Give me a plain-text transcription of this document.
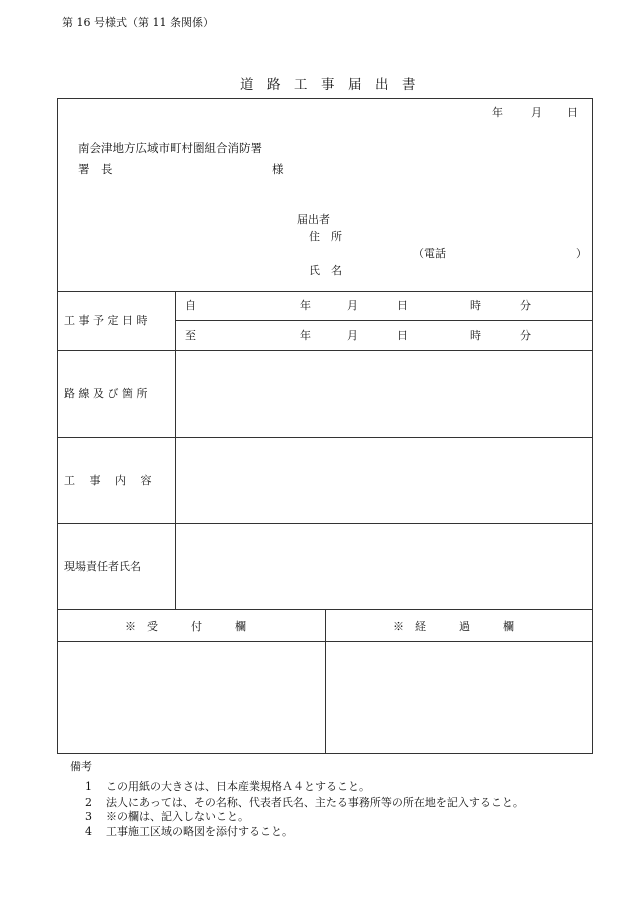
第 16 号様式（第 11 条関係）
道　路　工　事　届　出　書
年	月 日
南会津地方広域市町村圏組合消防署
署　長	様
届出者
住　所
（電話	）
氏　名
工 事 予 定 日 時
自	年	月	日	時	分
至	年	月	日	時	分
路 線 及 び 箇 所
工　 事　 内　 容
現場責任者氏名
※　受　　　付　　　欄	※　経　　　過　　　欄
備考
1 この用紙の大きさは、日本産業規格Ａ４とすること。
2 法人にあっては、その名称、代表者氏名、主たる事務所等の所在地を記入すること。
3 ※の欄は、記入しないこと。
4 工事施工区域の略図を添付すること。
